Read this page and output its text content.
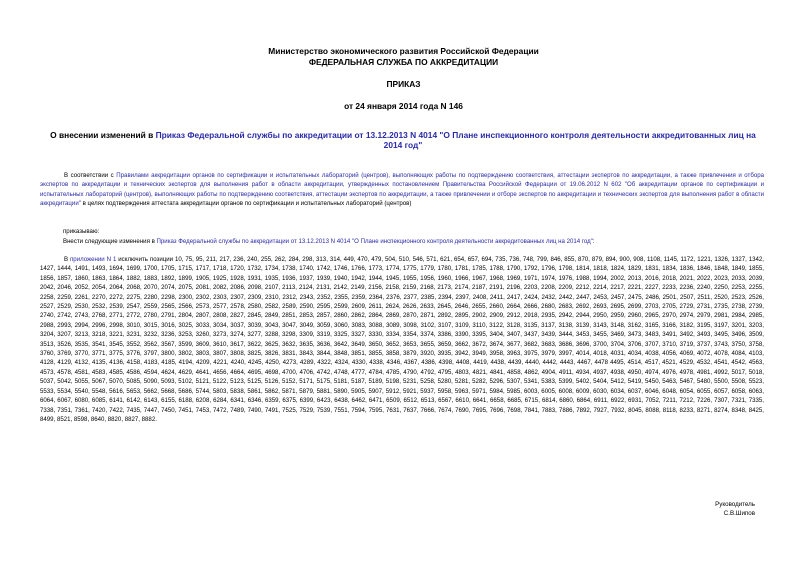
Министерство экономического развития Российской Федерации
ФЕДЕРАЛЬНАЯ СЛУЖБА ПО АККРЕДИТАЦИИ
ПРИКАЗ
от 24 января 2014 года N 146
О внесении изменений в Приказ Федеральной службы по аккредитации от 13.12.2013 N 4014 "О Плане инспекционного контроля деятельности аккредитованных лиц на 2014 год"
В соответствии с Правилами аккредитации органов по сертификации и испытательных лабораторий (центров), выполняющих работы по подтверждению соответствия, аттестации экспертов по аккредитации, а также привлечения и отбора экспертов по аккредитации и технических экспертов для выполнения работ в области аккредитации, утвержденных постановлением Правительства Российской Федерации от 19.06.2012 N 602 "Об аккредитации органов по сертификации и испытательных лабораторий (центров), выполняющих работы по подтверждению соответствия, аттестации экспертов по аккредитации, а также привлечении и отборе экспертов по аккредитации и технических экспертов для выполнения работ в области аккредитации" в целях подтверждения аттестата аккредитации органов по сертификации и испытательных лабораторий (центров)
приказываю:
Внести следующие изменения в Приказ Федеральной службы по аккредитации от 13.12.2013 N 4014 "О Плане инспекционного контроля деятельности аккредитованных лиц на 2014 год":
В приложении N 1 исключить позиции 10, 75, 95, 211, 217, 236, 240, 255, 262, 284, 298, 313, 314, 449, 470, 479, 504, 510, 546, 571, 621, 654, 657, 694, 735, 736, 748, 799, 846, 855, 870, 879, 894, 900, 908, 1108, 1145, 1172, 1221, 1326, 1327, 1342, 1427, 1444, 1491, 1493, 1694, 1699, 1700, 1705, 1715, 1717, 1718, 1720, 1732, 1734, 1738, 1740, 1742, 1746, 1766, 1773, 1774, 1775, 1779, 1780, 1781, 1785, 1788, 1790, 1792, 1796, 1798, 1814, 1818, 1824, 1829, 1831, 1834, 1836, 1846, 1848, 1849, 1855, 1856, 1857, 1860, 1863, 1864, 1882, 1883, 1892, 1899, 1905, 1925, 1928, 1931, 1935, 1936, 1937, 1939, 1940, 1942, 1944, 1945, 1955, 1956, 1960, 1966, 1967, 1968, 1969, 1971, 1974, 1976, 1988, 1994, 2002, 2013, 2016, 2018, 2021, 2022, 2023, 2033, 2039, 2042, 2046, 2052, 2054, 2064, 2068, 2070, 2074, 2075, 2081, 2082, 2086, 2098, 2107, 2113, 2124, 2131, 2142, 2149, 2156, 2158, 2159, 2168, 2173, 2174, 2187, 2191, 2196, 2203, 2208, 2209, 2212, 2214, 2217, 2221, 2227, 2233, 2236, 2240, 2250, 2253, 2255, 2258, 2259, 2261, 2270, 2272, 2275, 2280, 2298, 2300, 2302, 2303, 2307, 2309, 2310, 2312, 2343, 2352, 2355, 2359, 2364, 2376, 2377, 2385, 2394, 2397, 2408, 2411, 2417, 2424, 2432, 2442, 2447, 2453, 2457, 2475, 2486, 2501, 2507, 2511, 2520, 2523, 2526, 2527, 2529, 2530, 2532, 2539, 2547, 2559, 2565, 2566, 2573, 2577, 2578, 2580, 2582, 2589, 2590, 2595, 2599, 2609, 2611, 2624, 2626, 2633, 2645, 2646, 2655, 2660, 2664, 2666, 2680, 2683, 2692, 2693, 2695, 2699, 2703, 2705, 2729, 2731, 2735, 2738, 2739, 2740, 2742, 2743, 2768, 2771, 2772, 2780, 2791, 2804, 2807, 2808, 2827, 2845, 2849, 2851, 2853, 2857, 2860, 2862, 2864, 2869, 2870, 2871, 2892, 2895, 2902, 2909, 2912, 2918, 2935, 2942, 2944, 2950, 2959, 2960, 2965, 2970, 2974, 2979, 2981, 2984, 2985, 2988, 2993, 2994, 2996, 2998, 3010, 3015, 3016, 3025, 3033, 3034, 3037, 3039, 3043, 3047, 3049, 3059, 3060, 3083, 3088, 3089, 3098, 3102, 3107, 3109, 3110, 3122, 3128, 3135, 3137, 3138, 3139, 3143, 3148, 3162, 3165, 3166, 3182, 3195, 3197, 3201, 3203, 3204, 3207, 3213, 3218, 3221, 3231, 3232, 3236, 3253, 3260, 3273, 3274, 3277, 3288, 3298, 3309, 3319, 3325, 3327, 3330, 3334, 3354, 3374, 3386, 3390, 3395, 3404, 3407, 3437, 3439, 3444, 3453, 3455, 3469, 3473, 3483, 3491, 3492, 3493, 3495, 3496, 3509, 3513, 3526, 3535, 3541, 3545, 3552, 3562, 3567, 3599, 3609, 3610, 3617, 3622, 3625, 3632, 3635, 3636, 3642, 3649, 3650, 3652, 3653, 3655, 3659, 3662, 3672, 3674, 3677, 3682, 3683, 3686, 3696, 3700, 3704, 3706, 3707, 3710, 3719, 3737, 3743, 3750, 3758, 3760, 3769, 3770, 3771, 3775, 3776, 3797, 3800, 3802, 3803, 3807, 3808, 3825, 3826, 3831, 3843, 3844, 3848, 3851, 3855, 3858, 3879, 3920, 3935, 3942, 3949, 3958, 3963, 3975, 3979, 3997, 4014, 4018, 4031, 4034, 4038, 4056, 4069, 4072, 4078, 4084, 4103, 4128, 4129, 4132, 4135, 4136, 4158, 4183, 4185, 4194, 4209, 4221, 4240, 4245, 4250, 4273, 4289, 4322, 4324, 4330, 4338, 4346, 4367, 4386, 4398, 4408, 4419, 4438, 4439, 4440, 4442, 4443, 4467, 4478 4495, 4514, 4517, 4521, 4529, 4532, 4541, 4542, 4563, 4573, 4578, 4581, 4583, 4585, 4586, 4594, 4624, 4629, 4641, 4656, 4664, 4695, 4698, 4700, 4706, 4742, 4748, 4777, 4784, 4785, 4790, 4792, 4795, 4803, 4821, 4841, 4858, 4862, 4904, 4911, 4934, 4937, 4938, 4950, 4974, 4976, 4978, 4981, 4992, 5017, 5018, 5037, 5042, 5055, 5067, 5070, 5085, 5090, 5093, 5102, 5121, 5122, 5123, 5125, 5126, 5152, 5171, 5175, 5181, 5187, 5189, 5198, 5231, 5258, 5280, 5281, 5282, 5296, 5307, 5341, 5383, 5399, 5402, 5404, 5412, 5419, 5450, 5463, 5467, 5480, 5500, 5508, 5523, 5533, 5534, 5540, 5548, 5616, 5653, 5662, 5668, 5686, 5744, 5803, 5838, 5861, 5862, 5871, 5879, 5881, 5890, 5905, 5907, 5912, 5921, 5937, 5958, 5963, 5971, 5984, 5985, 6003, 6005, 6008, 6009, 6030, 6034, 6037, 6046, 6048, 6054, 6055, 6057, 6058, 6063, 6064, 6067, 6080, 6085, 6141, 6142, 6143, 6155, 6188, 6208, 6284, 6341, 6346, 6359, 6375, 6399, 6423, 6438, 6462, 6471, 6509, 6512, 6513, 6567, 6610, 6641, 6658, 6685, 6715, 6814, 6860, 6864, 6911, 6922, 6931, 7052, 7211, 7212, 7226, 7307, 7321, 7335, 7338, 7351, 7361, 7420, 7422, 7435, 7447, 7450, 7451, 7453, 7472, 7489, 7490, 7491, 7525, 7529, 7539, 7551, 7594, 7595, 7631, 7637, 7666, 7674, 7690, 7695, 7696, 7698, 7841, 7883, 7886, 7892, 7927, 7932, 8045, 8088, 8118, 8233, 8271, 8274, 8348, 8425, 8499, 8521, 8598, 8640, 8820, 8827, 8882.
Руководитель
С.В.Шипов
